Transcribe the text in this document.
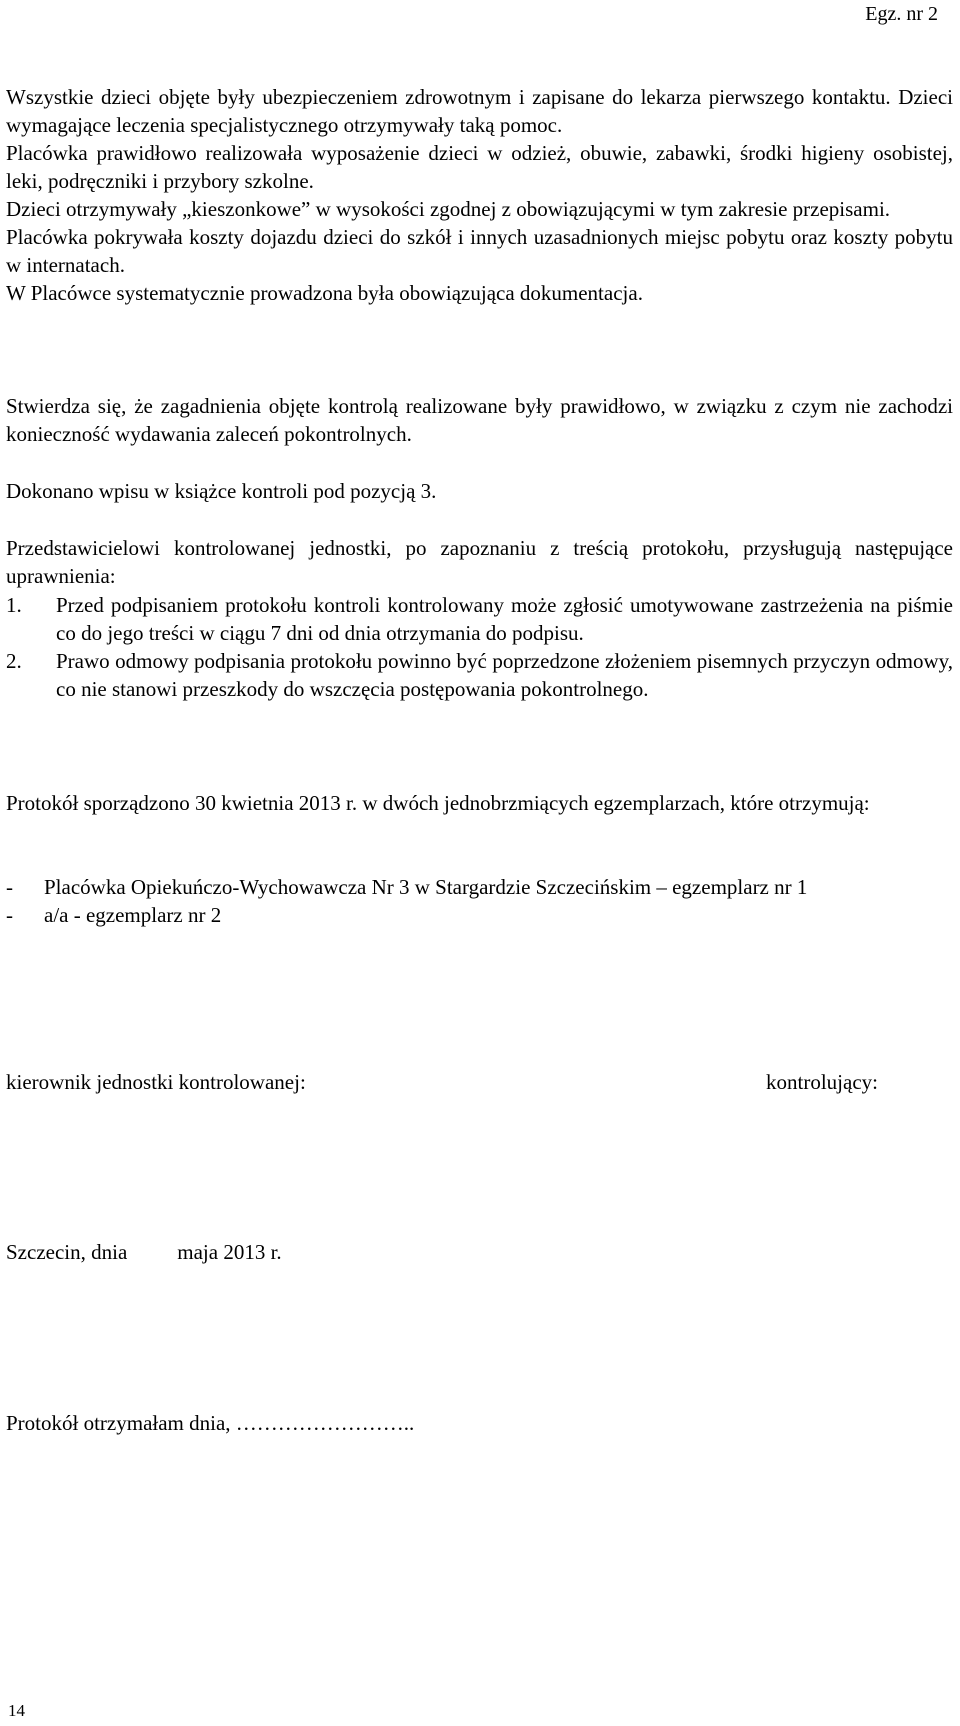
Egz. nr 2

Wszystkie dzieci objęte były ubezpieczeniem zdrowotnym i zapisane do lekarza pierwszego kontaktu. Dzieci wymagające leczenia specjalistycznego otrzymywały taką pomoc.

Placówka prawidłowo realizowała wyposażenie dzieci w odzież, obuwie, zabawki, środki higieny osobistej, leki, podręczniki i przybory szkolne.

Dzieci otrzymywały „kieszonkowe” w wysokości zgodnej z obowiązującymi w tym zakresie przepisami.

Placówka pokrywała koszty dojazdu dzieci do szkół i innych uzasadnionych miejsc pobytu oraz koszty pobytu w internatach.

W Placówce systematycznie prowadzona była obowiązująca dokumentacja.

Stwierdza się, że zagadnienia objęte kontrolą realizowane były prawidłowo, w związku z czym nie zachodzi konieczność wydawania zaleceń pokontrolnych.
Dokonano wpisu w książce kontroli pod pozycją 3.
Przedstawicielowi kontrolowanej jednostki, po zapoznaniu z treścią protokołu, przysługują następujące uprawnienia:
1. Przed podpisaniem protokołu kontroli kontrolowany może zgłosić umotywowane zastrzeżenia na piśmie co do jego treści w ciągu 7 dni od dnia otrzymania do podpisu.
2. Prawo odmowy podpisania protokołu powinno być poprzedzone złożeniem pisemnych przyczyn odmowy, co nie stanowi przeszkody do wszczęcia postępowania pokontrolnego.
Protokół sporządzono 30 kwietnia 2013 r. w dwóch jednobrzmiących egzemplarzach, które otrzymują:
- Placówka Opiekuńczo-Wychowawcza Nr 3 w Stargardzie Szczecińskim – egzemplarz nr 1
- a/a - egzemplarz nr 2
kierownik jednostki kontrolowanej:	kontrolujący:
Szczecin, dnia maja 2013 r.
Protokół otrzymałam dnia, ……………………..
14
